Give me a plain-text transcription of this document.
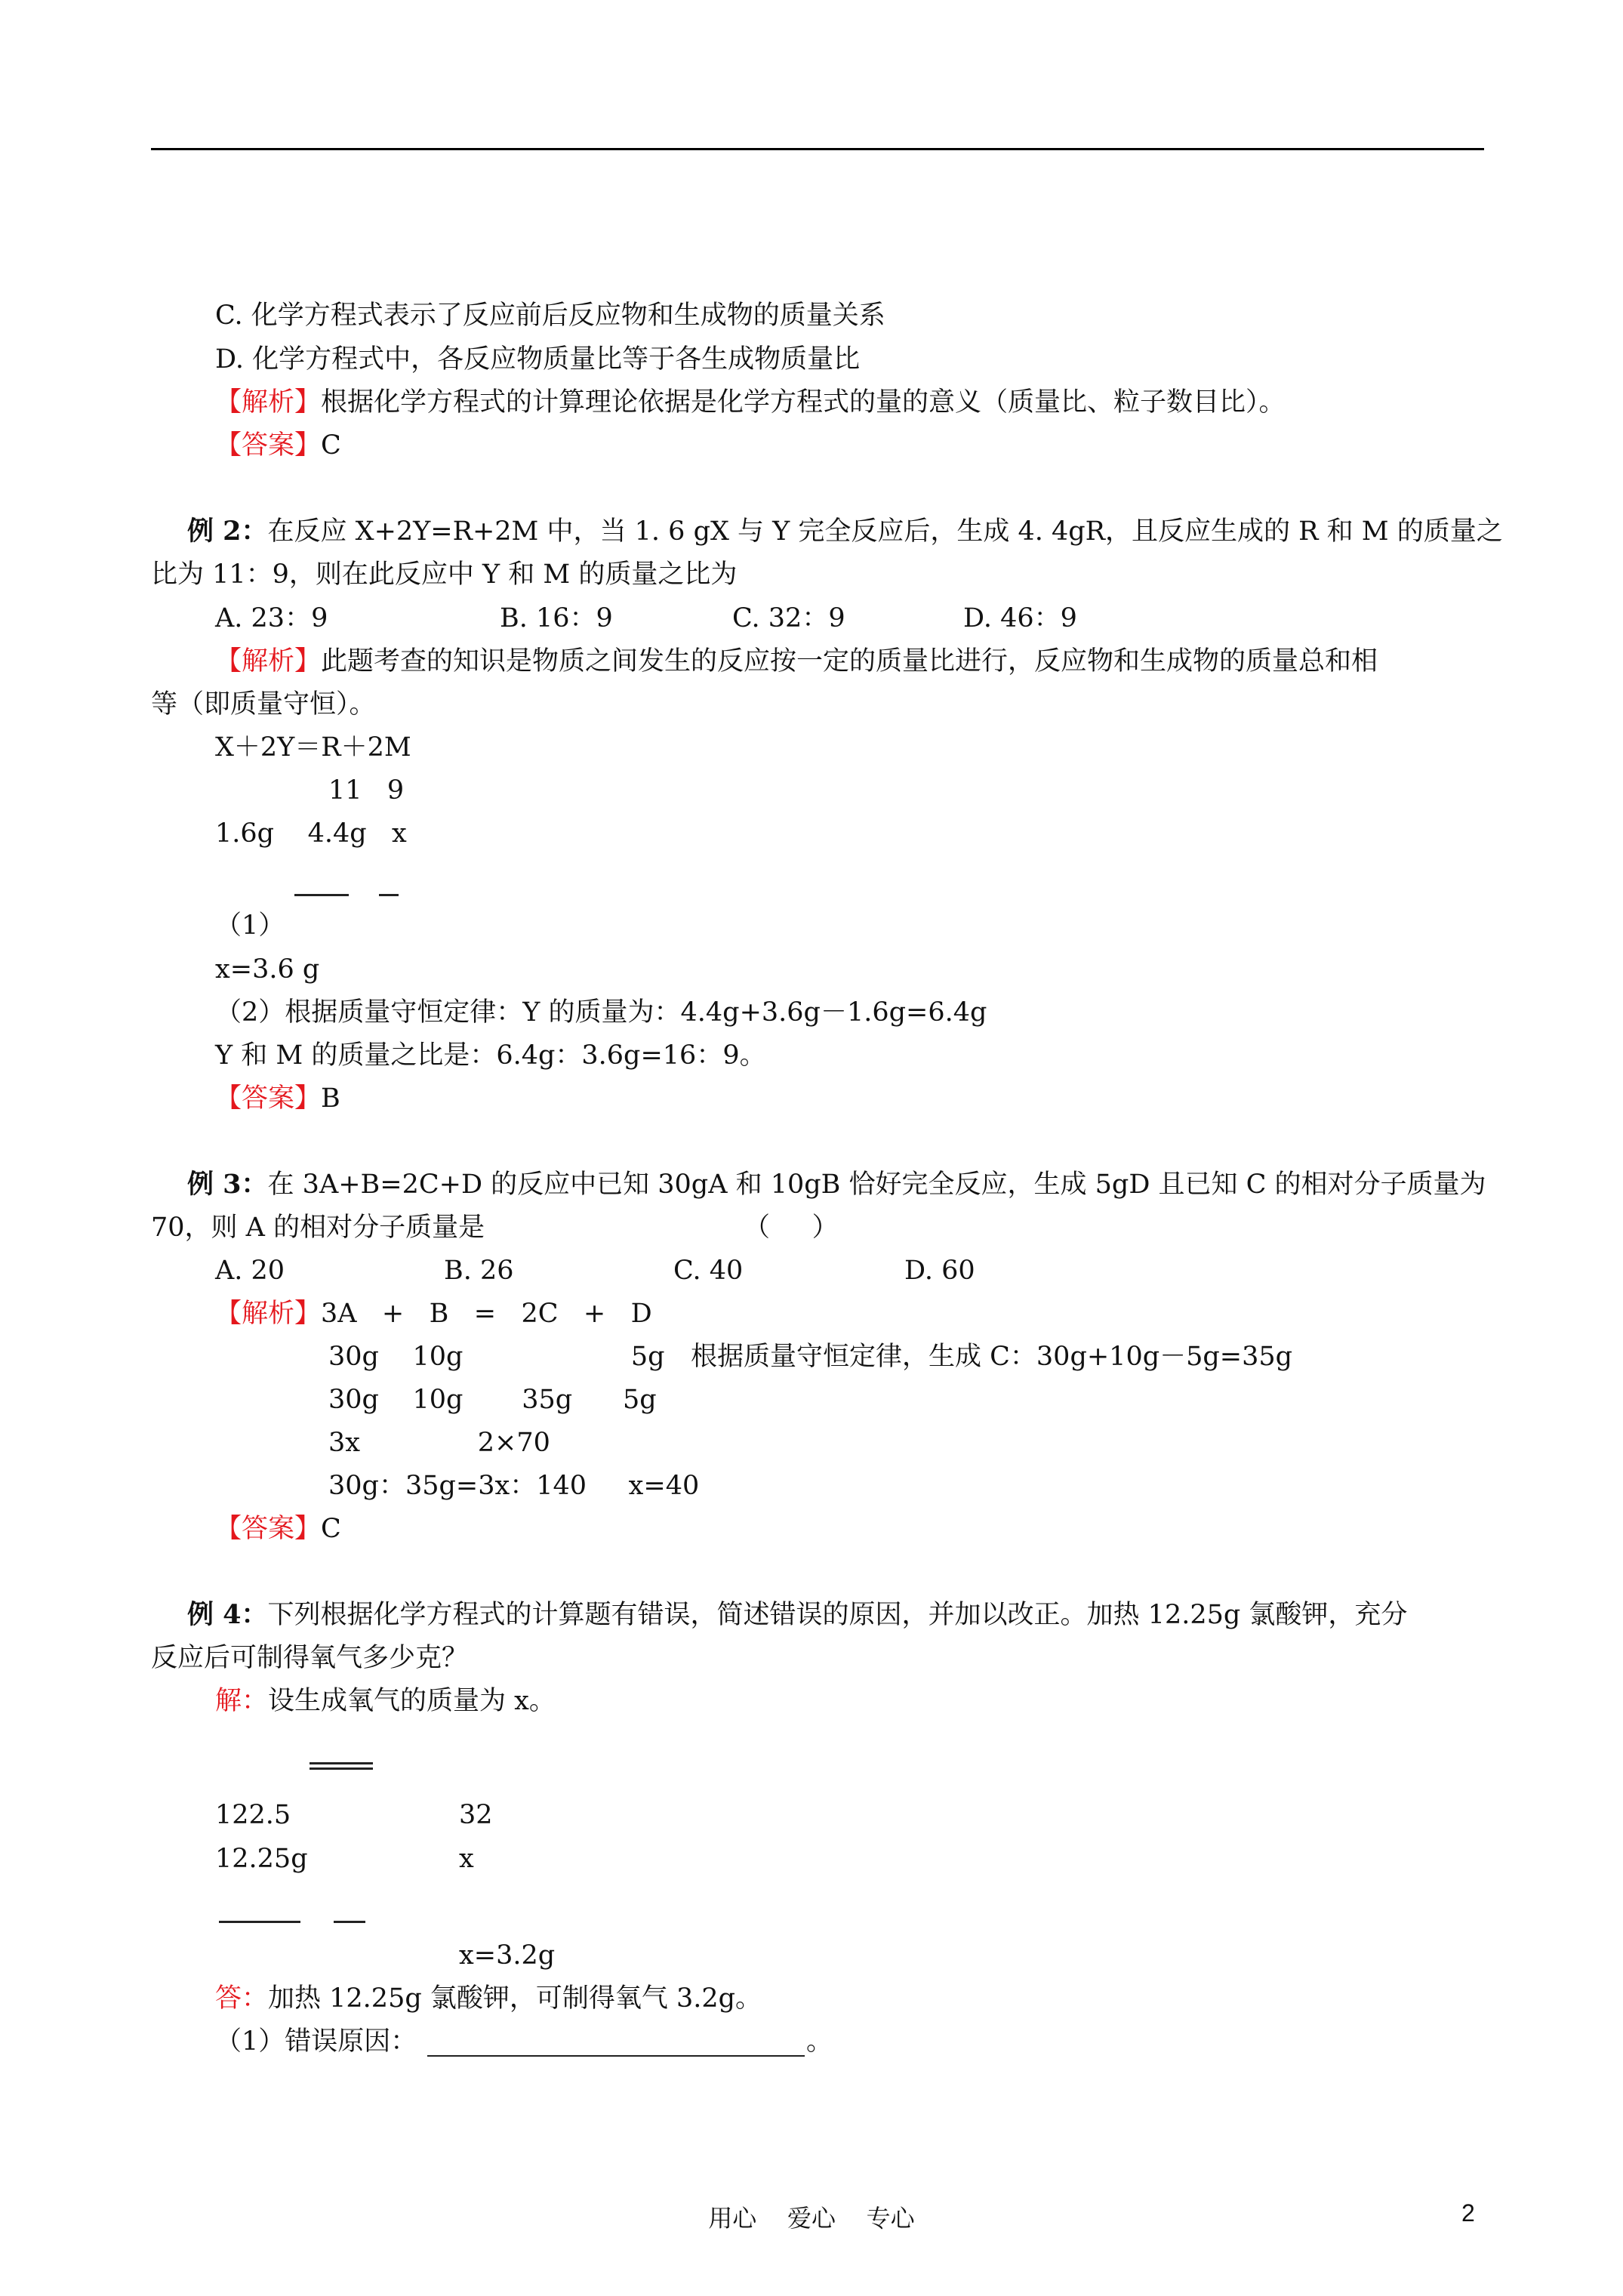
C. 化学方程式表示了反应前后反应物和生成物的质量关系
D. 化学方程式中，各反应物质量比等于各生成物质量比
【解析】根据化学方程式的计算理论依据是化学方程式的量的意义（质量比、粒子数目比）。
【答案】C
例 2：在反应 X+2Y=R+2M 中，当 1. 6 gX 与 Y 完全反应后，生成 4. 4gR，且反应生成的 R 和 M 的质量之
比为 11：9，则在此反应中 Y 和 M 的质量之比为
A. 23：9	B. 16：9	C. 32：9	D. 46：9
【解析】此题考查的知识是物质之间发生的反应按一定的质量比进行，反应物和生成物的质量总和相
等（即质量守恒）。
X＋2Y＝R＋2M
11   9
1.6g    4.4g   x
（1）
x=3.6 g
（2）根据质量守恒定律：Y 的质量为：4.4g+3.6g－1.6g=6.4g
Y 和 M 的质量之比是：6.4g：3.6g=16：9。
【答案】B
例 3：在 3A+B=2C+D 的反应中已知 30gA 和 10gB 恰好完全反应，生成 5gD 且已知 C 的相对分子质量为
70，则 A 的相对分子质量是	（     ）
A. 20	B. 26	C. 40	D. 60
【解析】3A   +   B   =   2C   +   D
30g    10g                    5g 根据质量守恒定律，生成 C：30g+10g－5g=35g
30g    10g       35g      5g
3x              2×70
30g：35g=3x：140     x=40
【答案】C
例 4：下列根据化学方程式的计算题有错误，简述错误的原因，并加以改正。加热 12.25g 氯酸钾，充分
反应后可制得氧气多少克？
解：设生成氧气的质量为 x。
122.5	32
12.25g	x
x=3.2g
答：加热 12.25g 氯酸钾，可制得氧气 3.2g。
（1）错误原因：	。
用心    爱心    专心	2
